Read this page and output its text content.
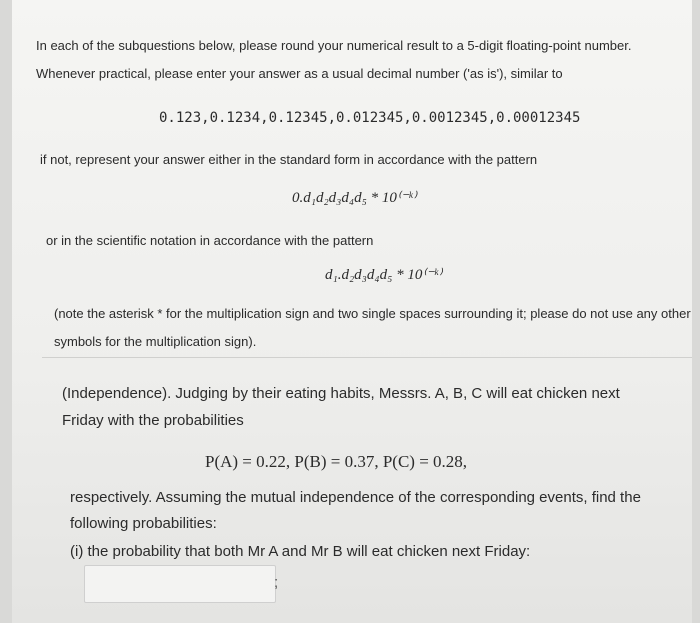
In each of the subquestions below, please round your numerical result to a 5-digit floating-point number.
Whenever practical, please enter your answer as a usual decimal number ('as is'), similar to
0.123,0.1234,0.12345,0.012345,0.0012345,0.00012345
if not, represent your answer either in the standard form in accordance with the pattern
0.d₁d₂d₃d₄d₅ * 10⁽⁻ᵏ⁾
or in the scientific notation in accordance with the pattern
d₁.d₂d₃d₄d₅ * 10⁽⁻ᵏ⁾
(note the asterisk * for the multiplication sign and two single spaces surrounding it; please do not use any other
symbols for the multiplication sign).
(Independence). Judging by their eating habits, Messrs. A, B, C will eat chicken next
Friday with the probabilities
P(A) = 0.22, P(B) = 0.37, P(C) = 0.28,
respectively. Assuming the mutual independence of the corresponding events, find the
following probabilities:
(i) the probability that both Mr A and Mr B will eat chicken next Friday:
;
